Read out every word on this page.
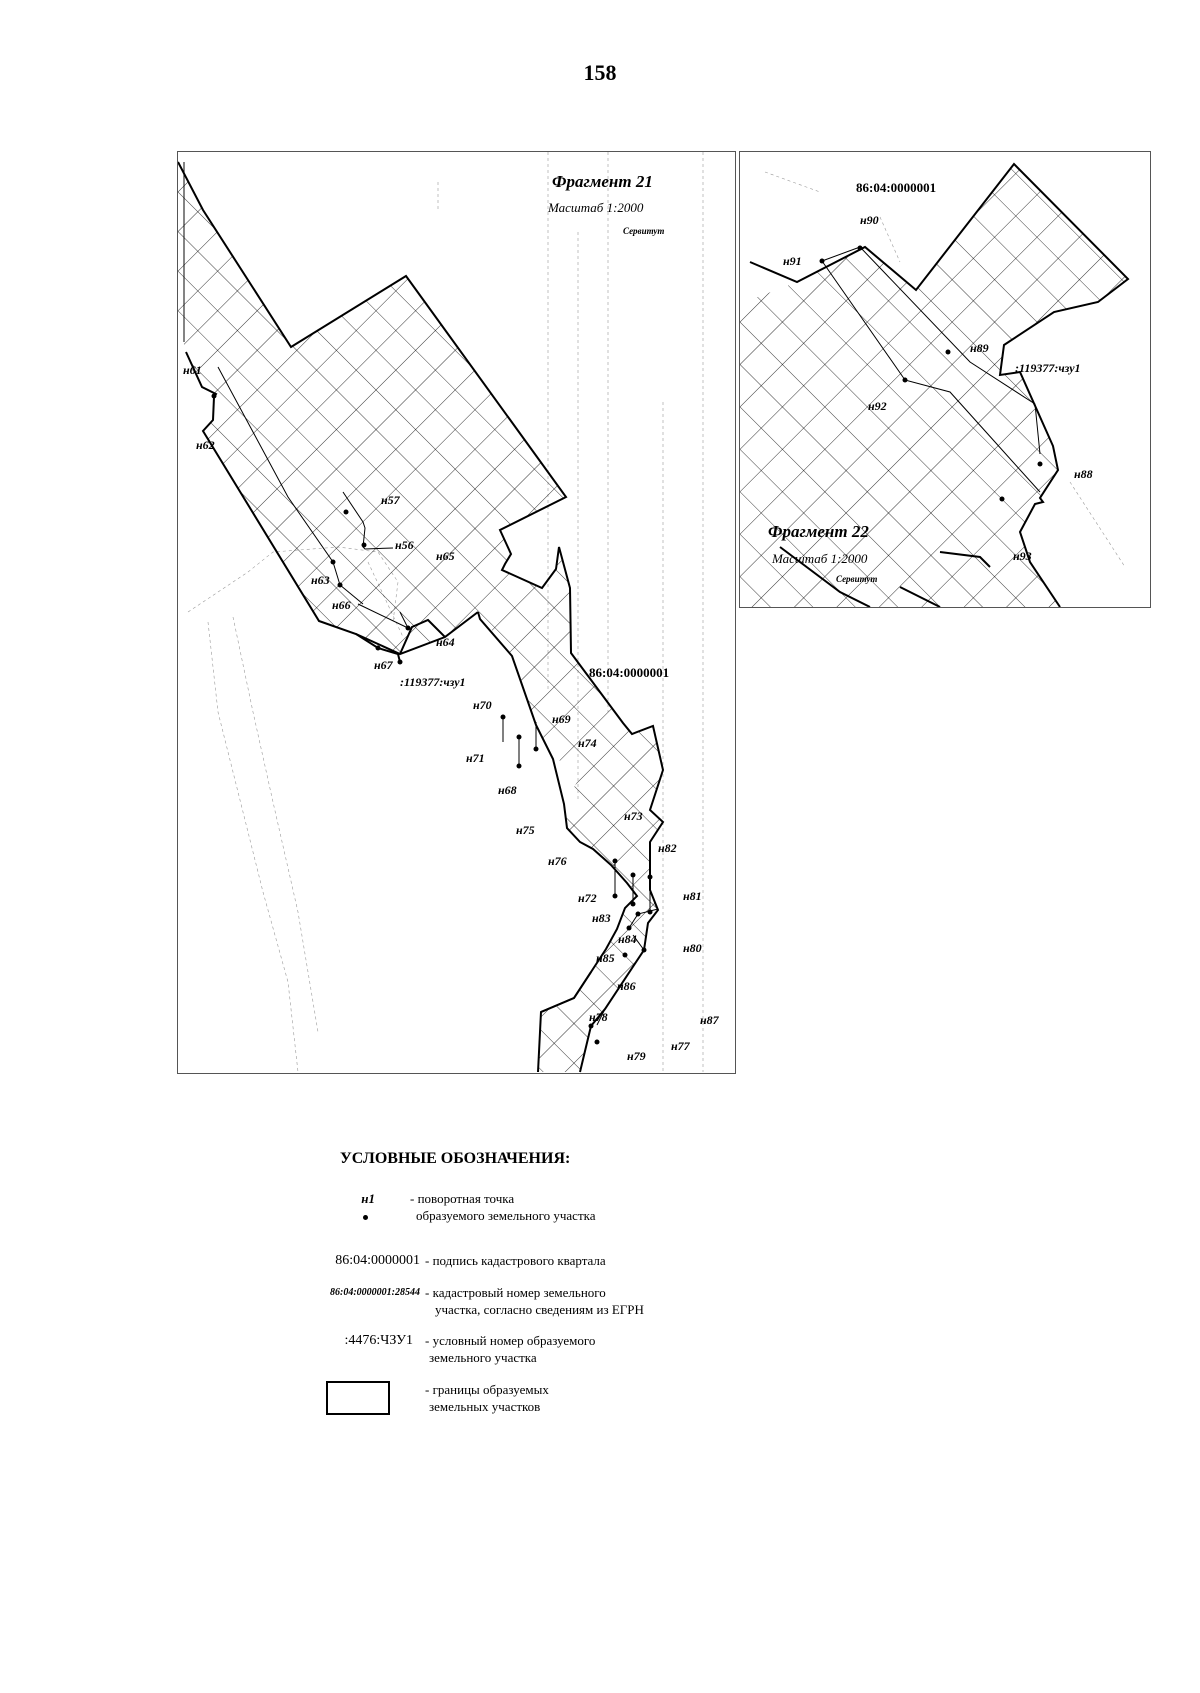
158
Фрагмент 21
Масштаб 1:2000
Сервитут
86:04:0000001
:119377:чзу1
н61
н62
н57
н56
н65
н63
н66
н64
н67
н70
н69
н71
н74
н68
н75
н73
н76
н82
н72	н81
н83
н84
н80
н85
н86
н78	н87
н77
н79
86:04:0000001
:119377:чзу1
Фрагмент 22
Масштаб 1:2000
Сервитут
н90
н91
н89
н92
н88
н93
УСЛОВНЫЕ ОБОЗНАЧЕНИЯ:
н1	- поворотная точка
образуемого земельного участка
86:04:0000001 - подпись кадастрового квартала
86:04:0000001:28544 - кадастровый номер земельного
участка, согласно сведениям из ЕГРН
:4476:ЧЗУ1 - условный номер образуемого
земельного участка
- границы образуемых
земельных участков
